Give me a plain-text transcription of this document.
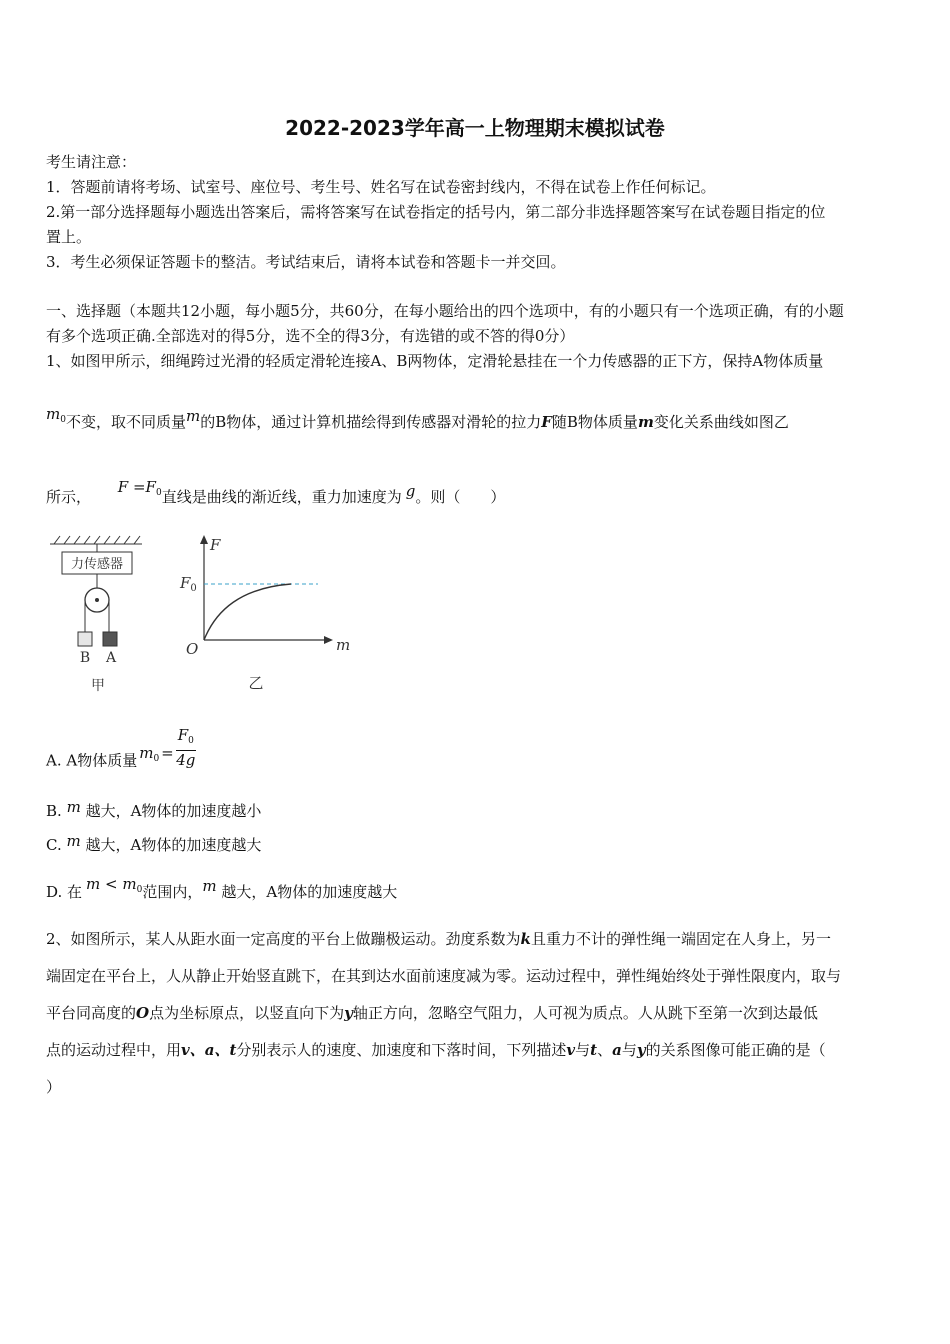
2022-2023学年高一上物理期末模拟试卷
考生请注意：
1．答题前请将考场、试室号、座位号、考生号、姓名写在试卷密封线内，不得在试卷上作任何标记。
2.第一部分选择题每小题选出答案后，需将答案写在试卷指定的括号内，第二部分非选择题答案写在试卷题目指定的位
置上。
3．考生必须保证答题卡的整洁。考试结束后，请将本试卷和答题卡一并交回。
一、选择题（本题共12小题，每小题5分，共60分，在每小题给出的四个选项中，有的小题只有一个选项正确，有的小题
有多个选项正确.全部选对的得5分，选不全的得3分，有选错的或不答的得0分）
1、如图甲所示，细绳跨过光滑的轻质定滑轮连接A、B两物体，定滑轮悬挂在一个力传感器的正下方，保持A物体质量
$m_0$不变，取不同质量m的B物体，通过计算机描绘得到传感器对滑轮的拉力F随B物体质量m变化关系曲线如图乙
所示， $F =F_0$直线是曲线的渐近线，重力加速度为 g。则（　　）
力传感器
B A
甲
F
$F_0$
O	m
乙
A. A物体质量 $m_0 = \frac{F_0}{4g}$
B. m 越大，A物体的加速度越小
C. m 越大，A物体的加速度越大
D. 在 $m < m_0$范围内，m 越大，A物体的加速度越大
2、如图所示，某人从距水面一定高度的平台上做蹦极运动。劲度系数为k且重力不计的弹性绳一端固定在人身上，另一
端固定在平台上，人从静止开始竖直跳下，在其到达水面前速度减为零。运动过程中，弹性绳始终处于弹性限度内，取与
平台同高度的O点为坐标原点，以竖直向下为y轴正方向，忽略空气阻力，人可视为质点。人从跳下至第一次到达最低
点的运动过程中，用v、a、t分别表示人的速度、加速度和下落时间，下列描述v与t、a与y的关系图像可能正确的是（
）
